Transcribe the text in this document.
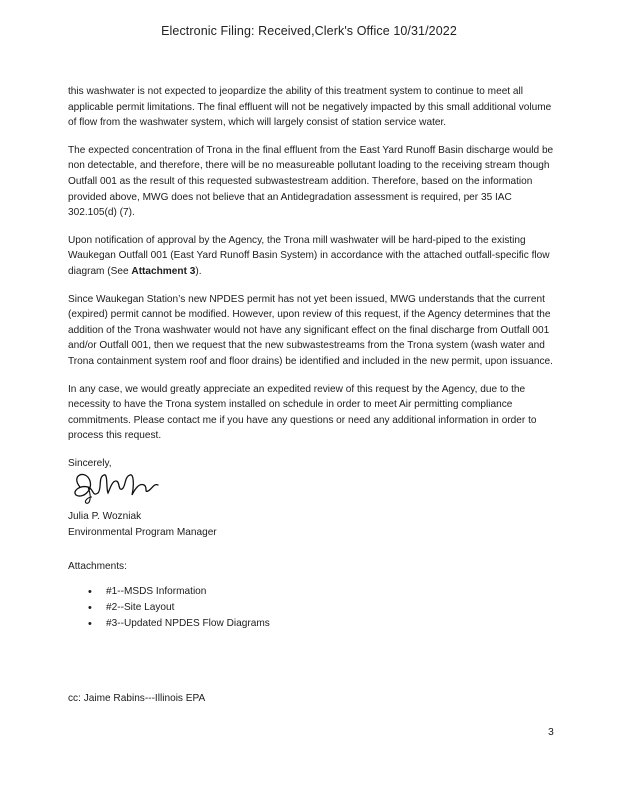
Electronic Filing: Received,Clerk's Office 10/31/2022

this washwater is not expected to jeopardize the ability of this treatment system to continue to meet all applicable permit limitations. The final effluent will not be negatively impacted by this small additional volume of flow from the washwater system, which will largely consist of station service water.

The expected concentration of Trona in the final effluent from the East Yard Runoff Basin discharge would be non detectable, and therefore, there will be no measureable pollutant loading to the receiving stream though Outfall 001 as the result of this requested subwastestream addition. Therefore, based on the information provided above, MWG does not believe that an Antidegradation assessment is required, per 35 IAC 302.105(d) (7).

Upon notification of approval by the Agency, the Trona mill washwater will be hard-piped to the existing Waukegan Outfall 001 (East Yard Runoff Basin System) in accordance with the attached outfall-specific flow diagram (See Attachment 3).

Since Waukegan Station’s new NPDES permit has not yet been issued, MWG understands that the current (expired) permit cannot be modified. However, upon review of this request, if the Agency determines that the addition of the Trona washwater would not have any significant effect on the final discharge from Outfall 001 and/or Outfall 001, then we request that the new subwastestreams from the Trona system (wash water and Trona containment system roof and floor drains) be identified and included in the new permit, upon issuance.

In any case, we would greatly appreciate an expedited review of this request by the Agency, due to the necessity to have the Trona system installed on schedule in order to meet Air permitting compliance commitments. Please contact me if you have any questions or need any additional information in order to process this request.

Sincerely,
Julia P. Wozniak
Environmental Program Manager
Attachments:
• #1--MSDS Information
• #2--Site Layout
• #3--Updated NPDES Flow Diagrams
cc: Jaime Rabins---Illinois EPA
3
